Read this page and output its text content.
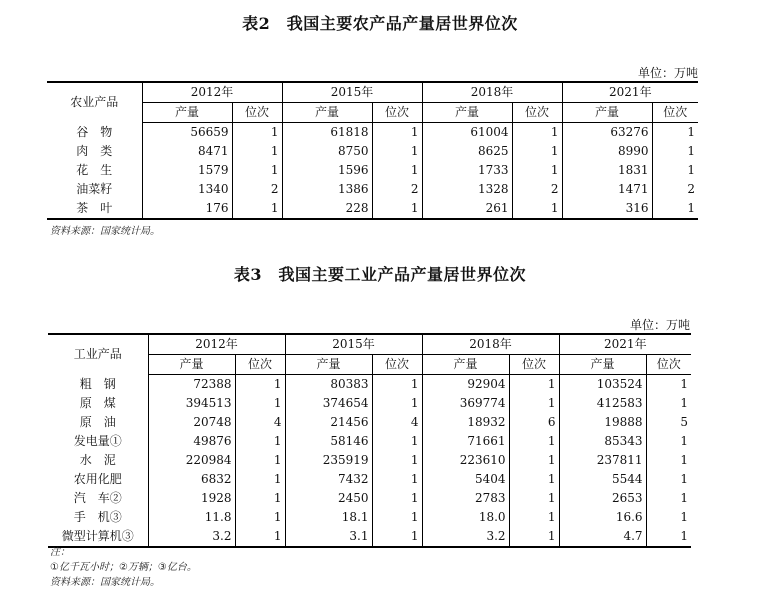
表2　我国主要农产品产量居世界位次
单位：万吨
农业产品	2012年		2015年		2018年		2021年	
	产量	位次	产量	位次	产量	位次	产量	位次
谷　物	56659	1	61818	1	61004	1	63276	1
肉　类	8471	1	8750	1	8625	1	8990	1
花　生	1579	1	1596	1	1733	1	1831	1
油菜籽	1340	2	1386	2	1328	2	1471	2
茶　叶	176	1	228	1	261	1	316	1
资料来源：国家统计局。
表3　我国主要工业产品产量居世界位次
单位：万吨
工业产品	2012年		2015年		2018年		2021年	
	产量	位次	产量	位次	产量	位次	产量	位次
粗　钢	72388	1	80383	1	92904	1	103524	1
原　煤	394513	1	374654	1	369774	1	412583	1
原　油	20748	4	21456	4	18932	6	19888	5
发电量①	49876	1	58146	1	71661	1	85343	1
水　泥	220984	1	235919	1	223610	1	237811	1
农用化肥	6832	1	7432	1	5404	1	5544	1
汽　车②	1928	1	2450	1	2783	1	2653	1
手　机③	11.8	1	18.1	1	18.0	1	16.6	1
微型计算机③	3.2	1	3.1	1	3.2	1	4.7	1
注：
①亿千瓦小时；②万辆；③亿台。
资料来源：国家统计局。
